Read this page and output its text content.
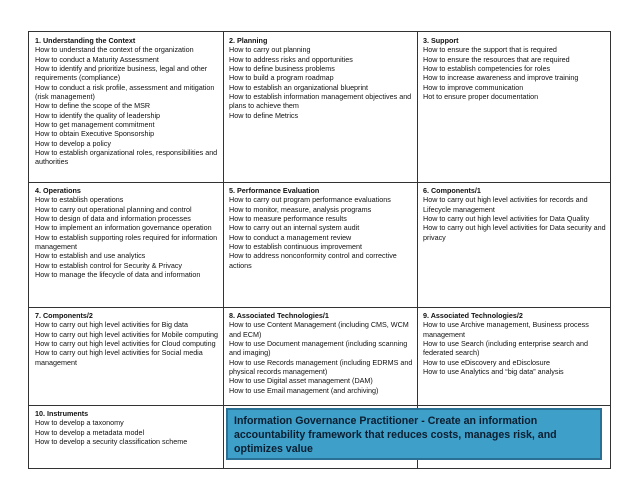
1. Understanding the Context
How to understand the context of the organization
How to conduct a Maturity Assessment
How to identify and prioritize business, legal and other requirements (compliance)
How to conduct a risk profile, assessment and mitigation (risk management)
How to define the scope of the MSR
How to identify the quality of leadership
How to get management commitment
How to obtain Executive Sponsorship
How to develop a policy
How to establish organizational roles, responsibilities and authorities
2. Planning
How to carry out planning
How to address risks and opportunities
How to define business problems
How to build a program roadmap
How to establish an organizational blueprint
How to establish information management objectives and plans to achieve them
How to define Metrics
3. Support
How to ensure the support that is required
How to ensure the resources that are required
How to establish competencies for roles
How to increase awareness and improve training
How to improve communication
Hot to ensure proper documentation
4. Operations
How to establish operations
How to carry out operational planning and control
How to design of data and information processes
How to implement an information governance operation
How to establish supporting roles required for information management
How to establish and use analytics
How to establish control for Security & Privacy
How to manage the lifecycle of data and information
5. Performance Evaluation
How to carry out program performance evaluations
How to monitor, measure, analysis programs
How to measure performance results
How to carry out an internal system audit
How to conduct a management review
How to establish continuous improvement
How to address nonconformity control and corrective actions
6. Components/1
How to carry out high level activities for records and Lifecycle management
How to carry out high level activities for Data Quality
How to carry out high level activities for Data security and privacy
7. Components/2
How to carry out high level activities for Big data
How to carry out high level activities for Mobile computing
How to carry out high level activities for Cloud computing
How to carry out high level activities for Social media management
8. Associated Technologies/1
How to use Content Management (including CMS, WCM and ECM)
How to use Document management (including scanning and imaging)
How to use Records management (including EDRMS and physical records management)
How to use Digital asset management (DAM)
How to use Email management (and archiving)
9. Associated Technologies/2
How to use Archive management, Business process management
How to use Search (including enterprise search and federated search)
How to use eDiscovery and eDisclosure
How to use Analytics and “big data” analysis
10. Instruments
How to develop a taxonomy
How to develop a metadata model
How to develop a security classification scheme
Information Governance Practitioner - Create an information accountability framework that reduces costs, manages risk, and optimizes value
